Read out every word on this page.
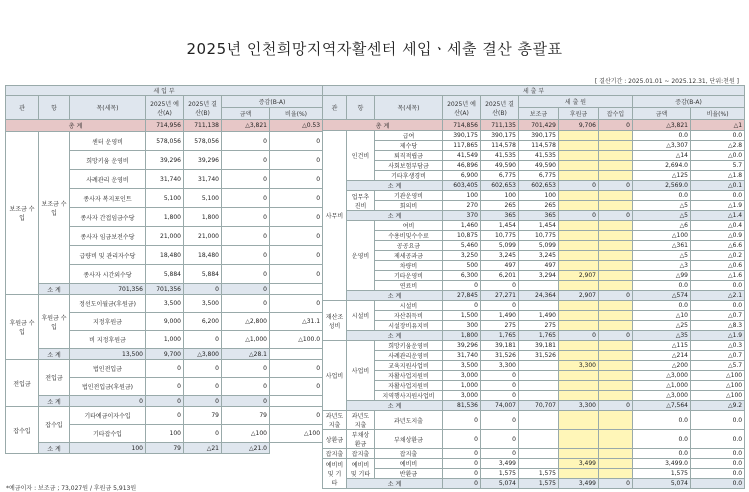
2025년 인천희망지역자활센터 세입ㆍ세출 결산 총괄표
[ 결산기간 : 2025.01.01 ~ 2025.12.31, 단위:천원 ]
세 입 부						
관	항	목(세목)	2025년 예산(A)	2025년 결산(B)	증감(B-A)	
					금액	비율(%)
총 계			714,956	711,138	△3,821	△0.53
보조금 수입	보조금 수입	센터 운영비	578,056	578,056	0	0
		희망키움 운영비	39,296	39,296	0	0
		사례관리 운영비	31,740	31,740	0	0
		종사자 복지포인트	5,100	5,100	0	0
		종사자 간접임금수당	1,800	1,800	0	0
		종사자 임금보전수당	21,000	21,000	0	0
		급량비 및 관리자수당	18,480	18,480	0	0
		종사자 시간외수당	5,884	5,884	0	0
	소 계	701,356	701,356	0	0	
후원금 수입	후원금 수입	정선도이월금(후원금)	3,500	3,500	0	0
		지정후원금	9,000	6,200	△2,800	△31.1
		비 지정후원금	1,000	0	△1,000	△100.0
	소 계	13,500	9,700	△3,800	△28.1	
전입금	전입금	법인전입금	0	0	0	0
		법인전입금(후원금)	0	0	0	0
	소 계	0	0	0	0	
잡수입	잡수입	기타예금이자수입	0	79	79	0
		기타잡수입	100	0	△100	△100
	소 계	100	79	△21	△21.0	
세 출 부									
관	항	목(세목)	2025년 예산(A)	2025년 결산(B)	세 출 원			증감(B-A)	
					보조금	후원금	잡수입	금액	비율(%)
총 계			714,856	711,135	701,429	9,706	0	△3,821	△1
사무비	인건비	급여	390,175	390,175	390,175			0.0	0.0
		제수당	117,865	114,578	114,578			△3,307	△2.8
		퇴직적립금	41,549	41,535	41,535			△14	△0.0
		사회보험부담금	46,896	49,590	49,590			2,694.0	5.7
		기타후생경비	6,900	6,775	6,775			△125	△1.8
	소 계		603,405	602,653	602,653	0	0	2,569.0	△0.1
	업무추진비	기관운영비	100	100	100			0.0	0.0
		회의비	270	265	265			△5	△1.9
	소 계		370	365	365	0	0	△5	△1.4
	운영비	여비	1,460	1,454	1,454			△6	△0.4
		수용비및수수료	10,875	10,775	10,775			△100	△0.9
		공공요금	5,460	5,099	5,099			△361	△6.6
		제세공과금	3,250	3,245	3,245			△5	△0.2
		차량비	500	497	497			△3	△0.6
		기타운영비	6,300	6,201	3,294	2,907		△99	△1.6
		연료비	0	0				0.0	0.0
	소 계		27,845	27,271	24,364	2,907	0	△574	△2.1
재산조성비	시설비	시설비	0	0				0.0	0.0
		자산취득비	1,500	1,490	1,490			△10	△0.7
		시설장비유지비	300	275	275			△25	△8.3
	소 계		1,800	1,765	1,765	0	0	△35	△1.9
사업비	사업비	희망키움운영비	39,296	39,181	39,181			△115	△0.3
		사례관리운영비	31,740	31,526	31,526			△214	△0.7
		교육지원사업비	3,500	3,300		3,300		△200	△5.7
		자활사업지원비	3,000	0				△3,000	△100
		자활사업지원비	1,000	0				△1,000	△100
		지역행사지원사업비	3,000	0				△3,000	△100
	소 계		81,536	74,007	70,707	3,300	0	△7,564	△9.2
과년도지출	과년도지출	과년도지출	0	0				0.0	0.0
상환금	부채상환금	부채상환금	0	0				0.0	0.0
잡지출	잡지출	잡지출	0	0				0.0	0.0
예비비 및 기타	예비비 및 기타	예비비	0	3,499		3,499		3,499.0	0.0
		반환금	0	1,575	1,575			1,575	0.0
	소 계		0	5,074	1,575	3,499	0	5,074	0.0
*예금이자 : 보조금 ; 73,027원 / 후원금 5,913원
